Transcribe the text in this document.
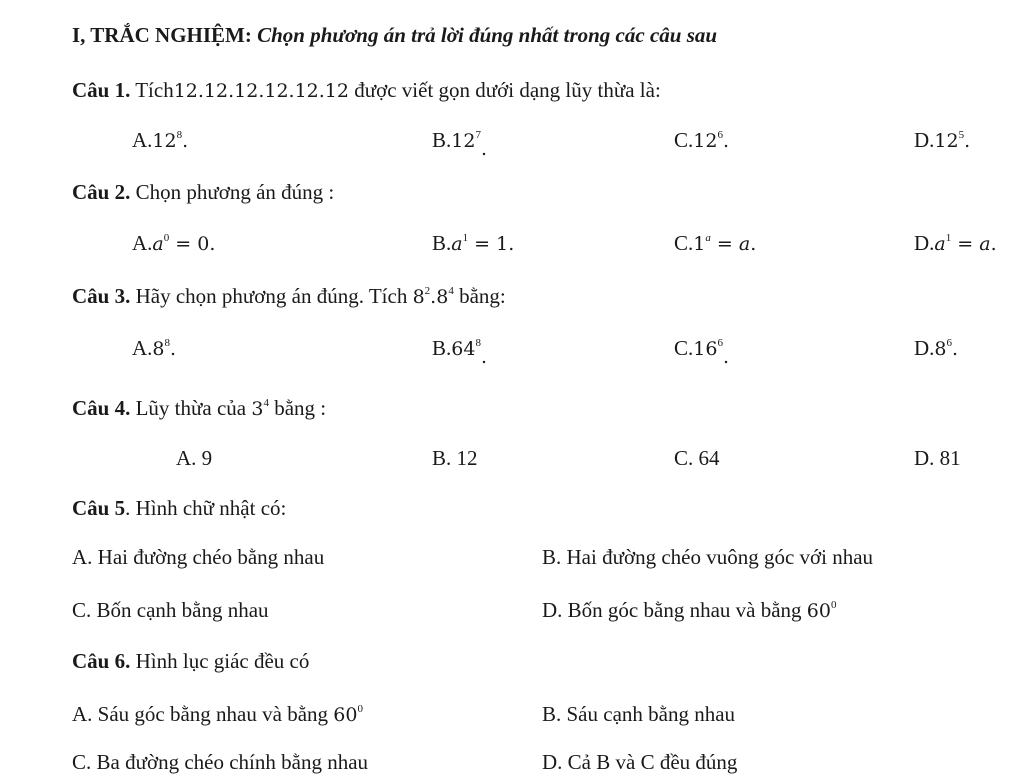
I, TRẮC NGHIỆM: Chọn phương án trả lời đúng nhất trong các câu sau
Câu 1. Tích12.12.12.12.12.12 được viết gọn dưới dạng lũy thừa là:
$A.12^8$.	$B.12^7$.	$C.12^6$.	$D.12^5$.
Câu 2. Chọn phương án đúng :
$A.a^0 = 0$.	$B.a^1 = 1$.	C.1$^a$ = a.	$D.a^1 = a$.
Câu 3. Hãy chọn phương án đúng. Tích $8^2.8^4$ bằng:
$A.8^8$.	$B.64^8$.	$C.16^6$.	$D.8^6$.
Câu 4. Lũy thừa của $3^4$ bằng :
A. 9	B. 12	C. 64	D. 81
Câu 5. Hình chữ nhật có:
A. Hai đường chéo bằng nhau	B. Hai đường chéo vuông góc với nhau
C. Bốn cạnh bằng nhau	D. Bốn góc bằng nhau và bằng $60^0$
Câu 6. Hình lục giác đều có
A. Sáu góc bằng nhau và bằng $60^0$	B. Sáu cạnh bằng nhau
C. Ba đường chéo chính bằng nhau	D. Cả B và C đều đúng
